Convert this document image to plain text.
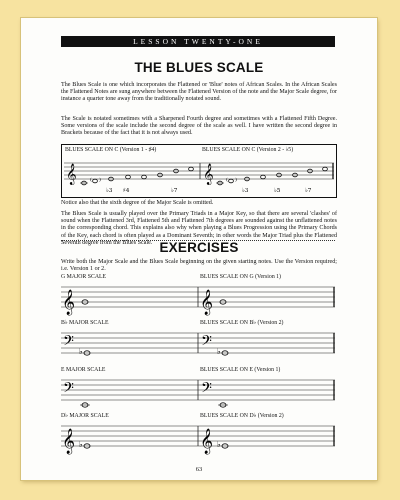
LESSON TWENTY-ONE
THE BLUES SCALE
The Blues Scale is one which incorporates the Flattened or 'Blue' notes of African Scales. In the African Scales the Flattened Notes are sung anywhere between the Flattened Version of the note and the Major Scale degree, for instance a quarter tone away from the traditionally notated sound.
The Scale is notated sometimes with a Sharpened Fourth degree and sometimes with a Flattened Fifth Degree. Some versions of the scale include the second degree of the scale as well. I have written the second degree in Brackets because of the fact that it is not always used.
BLUES SCALE ON C (Version 1 - ♯4)	BLUES SCALE ON C (Version 2 - ♭5)
𝄞	𝄞
( )	( )
♭3 ♯4	♭7	♭3	♭5	♭7
Notice also that the sixth degree of the Major Scale is omitted.
The Blues Scale is usually played over the Primary Triads in a Major Key, so that there are several 'clashes' of sound when the Flattened 3rd, Flattened 5th and Flattened 7th degrees are sounded against the unflattened notes in the corresponding chord. This explains also why when playing a Blues Progression using the Primary Chords of the Key, each chord is often played as a Dominant Seventh; in other words the Major Triad plus the Flattened Seventh degree from the Blues Scale. EXERCISES
Write both the Major Scale and the Blues Scale beginning on the given starting notes. Use the Version required; i.e. Version 1 or 2.
G MAJOR SCALE	BLUES SCALE ON G (Version 1)
𝄞	𝄞
B♭ MAJOR SCALE	BLUES SCALE ON B♭ (Version 2)
𝄢	𝄢
♭	♭
E MAJOR SCALE	BLUES SCALE ON E (Version 1)
𝄢	𝄢
D♭ MAJOR SCALE	BLUES SCALE ON D♭ (Version 2)
𝄞	𝄞
♭	♭
63
